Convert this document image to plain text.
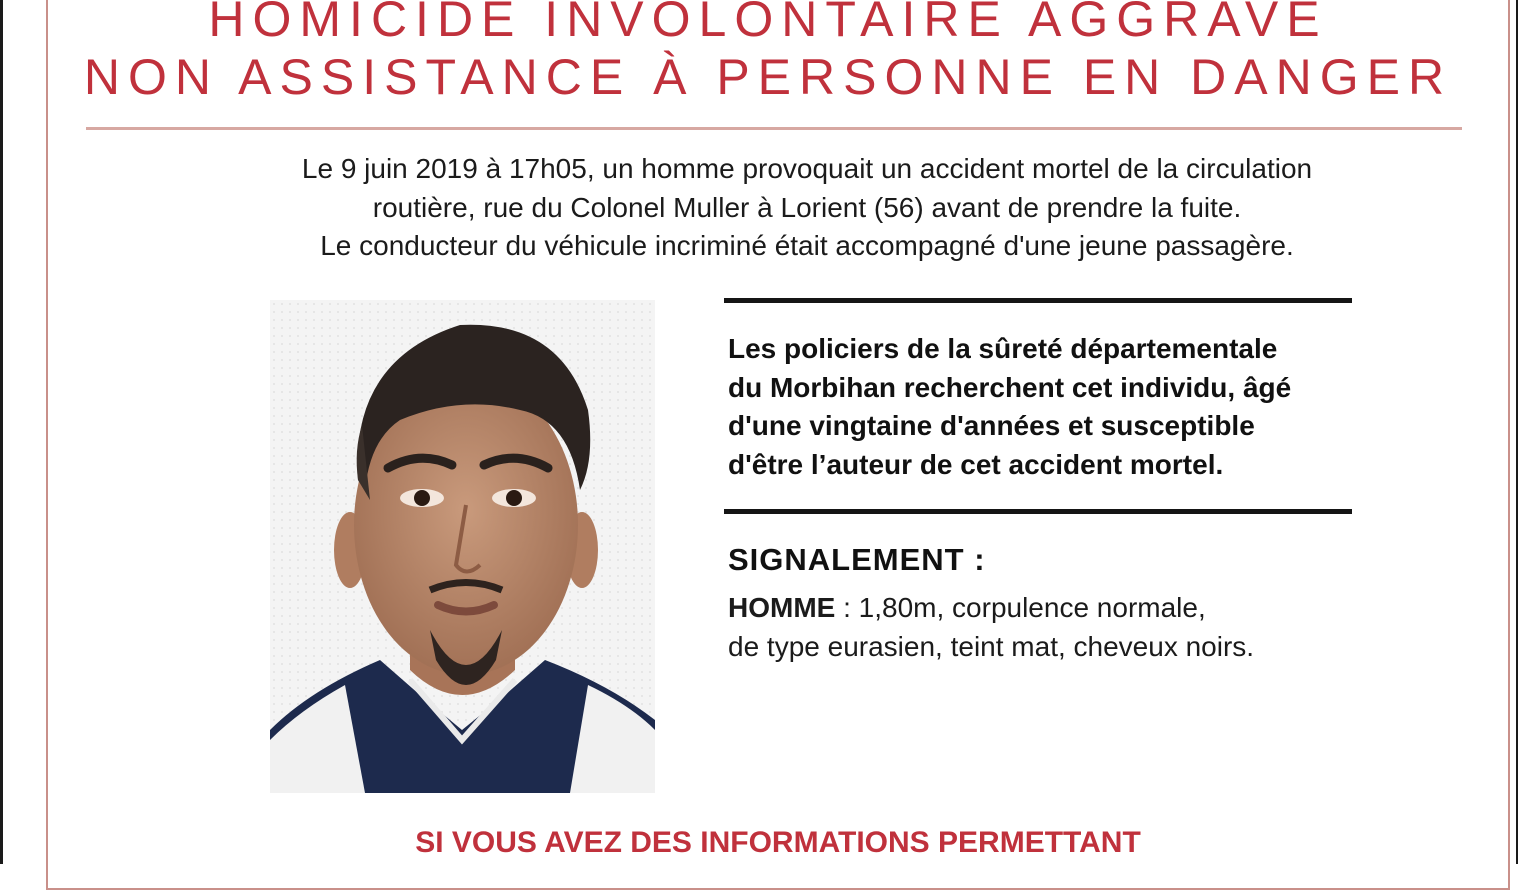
HOMICIDE INVOLONTAIRE AGGRAVE
NON ASSISTANCE À PERSONNE EN DANGER
Le 9 juin 2019 à 17h05, un homme provoquait un accident mortel de la circulation
routière, rue du Colonel Muller à Lorient (56) avant de prendre la fuite.
Le conducteur du véhicule incriminé était accompagné d'une jeune passagère.
Les policiers de la sûreté départementale
du Morbihan recherchent cet individu, âgé
d'une vingtaine d'années et susceptible
d'être l’auteur de cet accident mortel.
SIGNALEMENT :
HOMME : 1,80m, corpulence normale,
de type eurasien, teint mat, cheveux noirs.
SI VOUS AVEZ DES INFORMATIONS PERMETTANT
